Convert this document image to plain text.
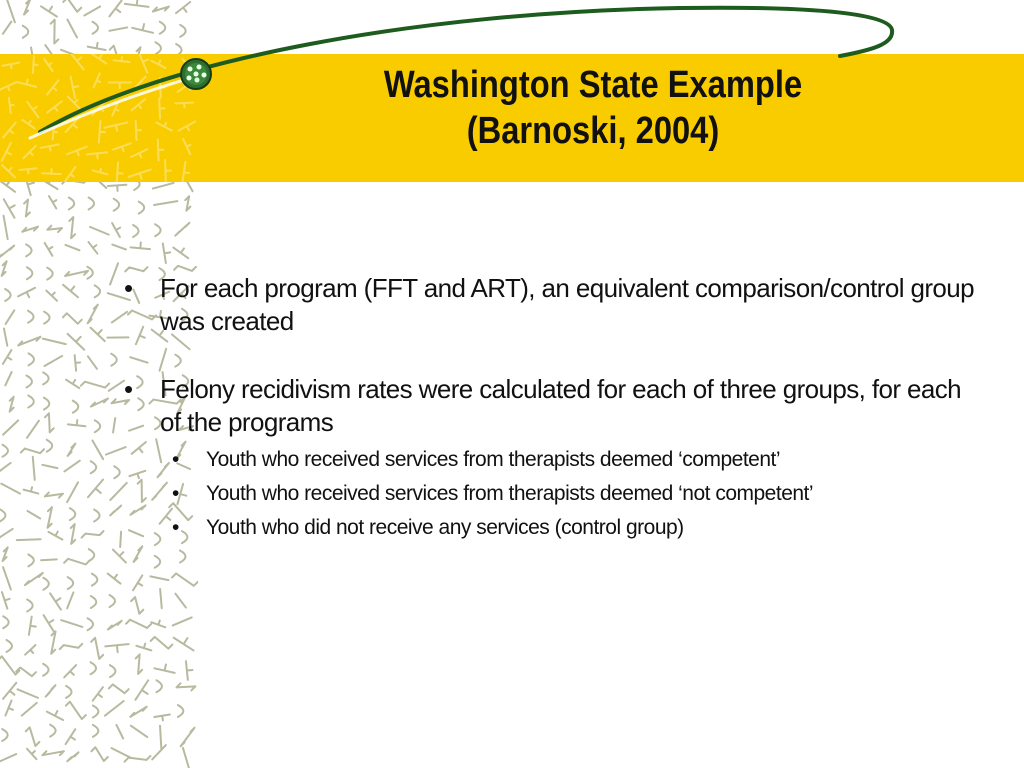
Washington State Example
(Barnoski, 2004)
• For each program (FFT and ART), an equivalent comparison/control group was created
• Felony recidivism rates were calculated for each of three groups, for each of the programs
• Youth who received services from therapists deemed ‘competent’
• Youth who received services from therapists deemed ‘not competent’
• Youth who did not receive any services (control group)
